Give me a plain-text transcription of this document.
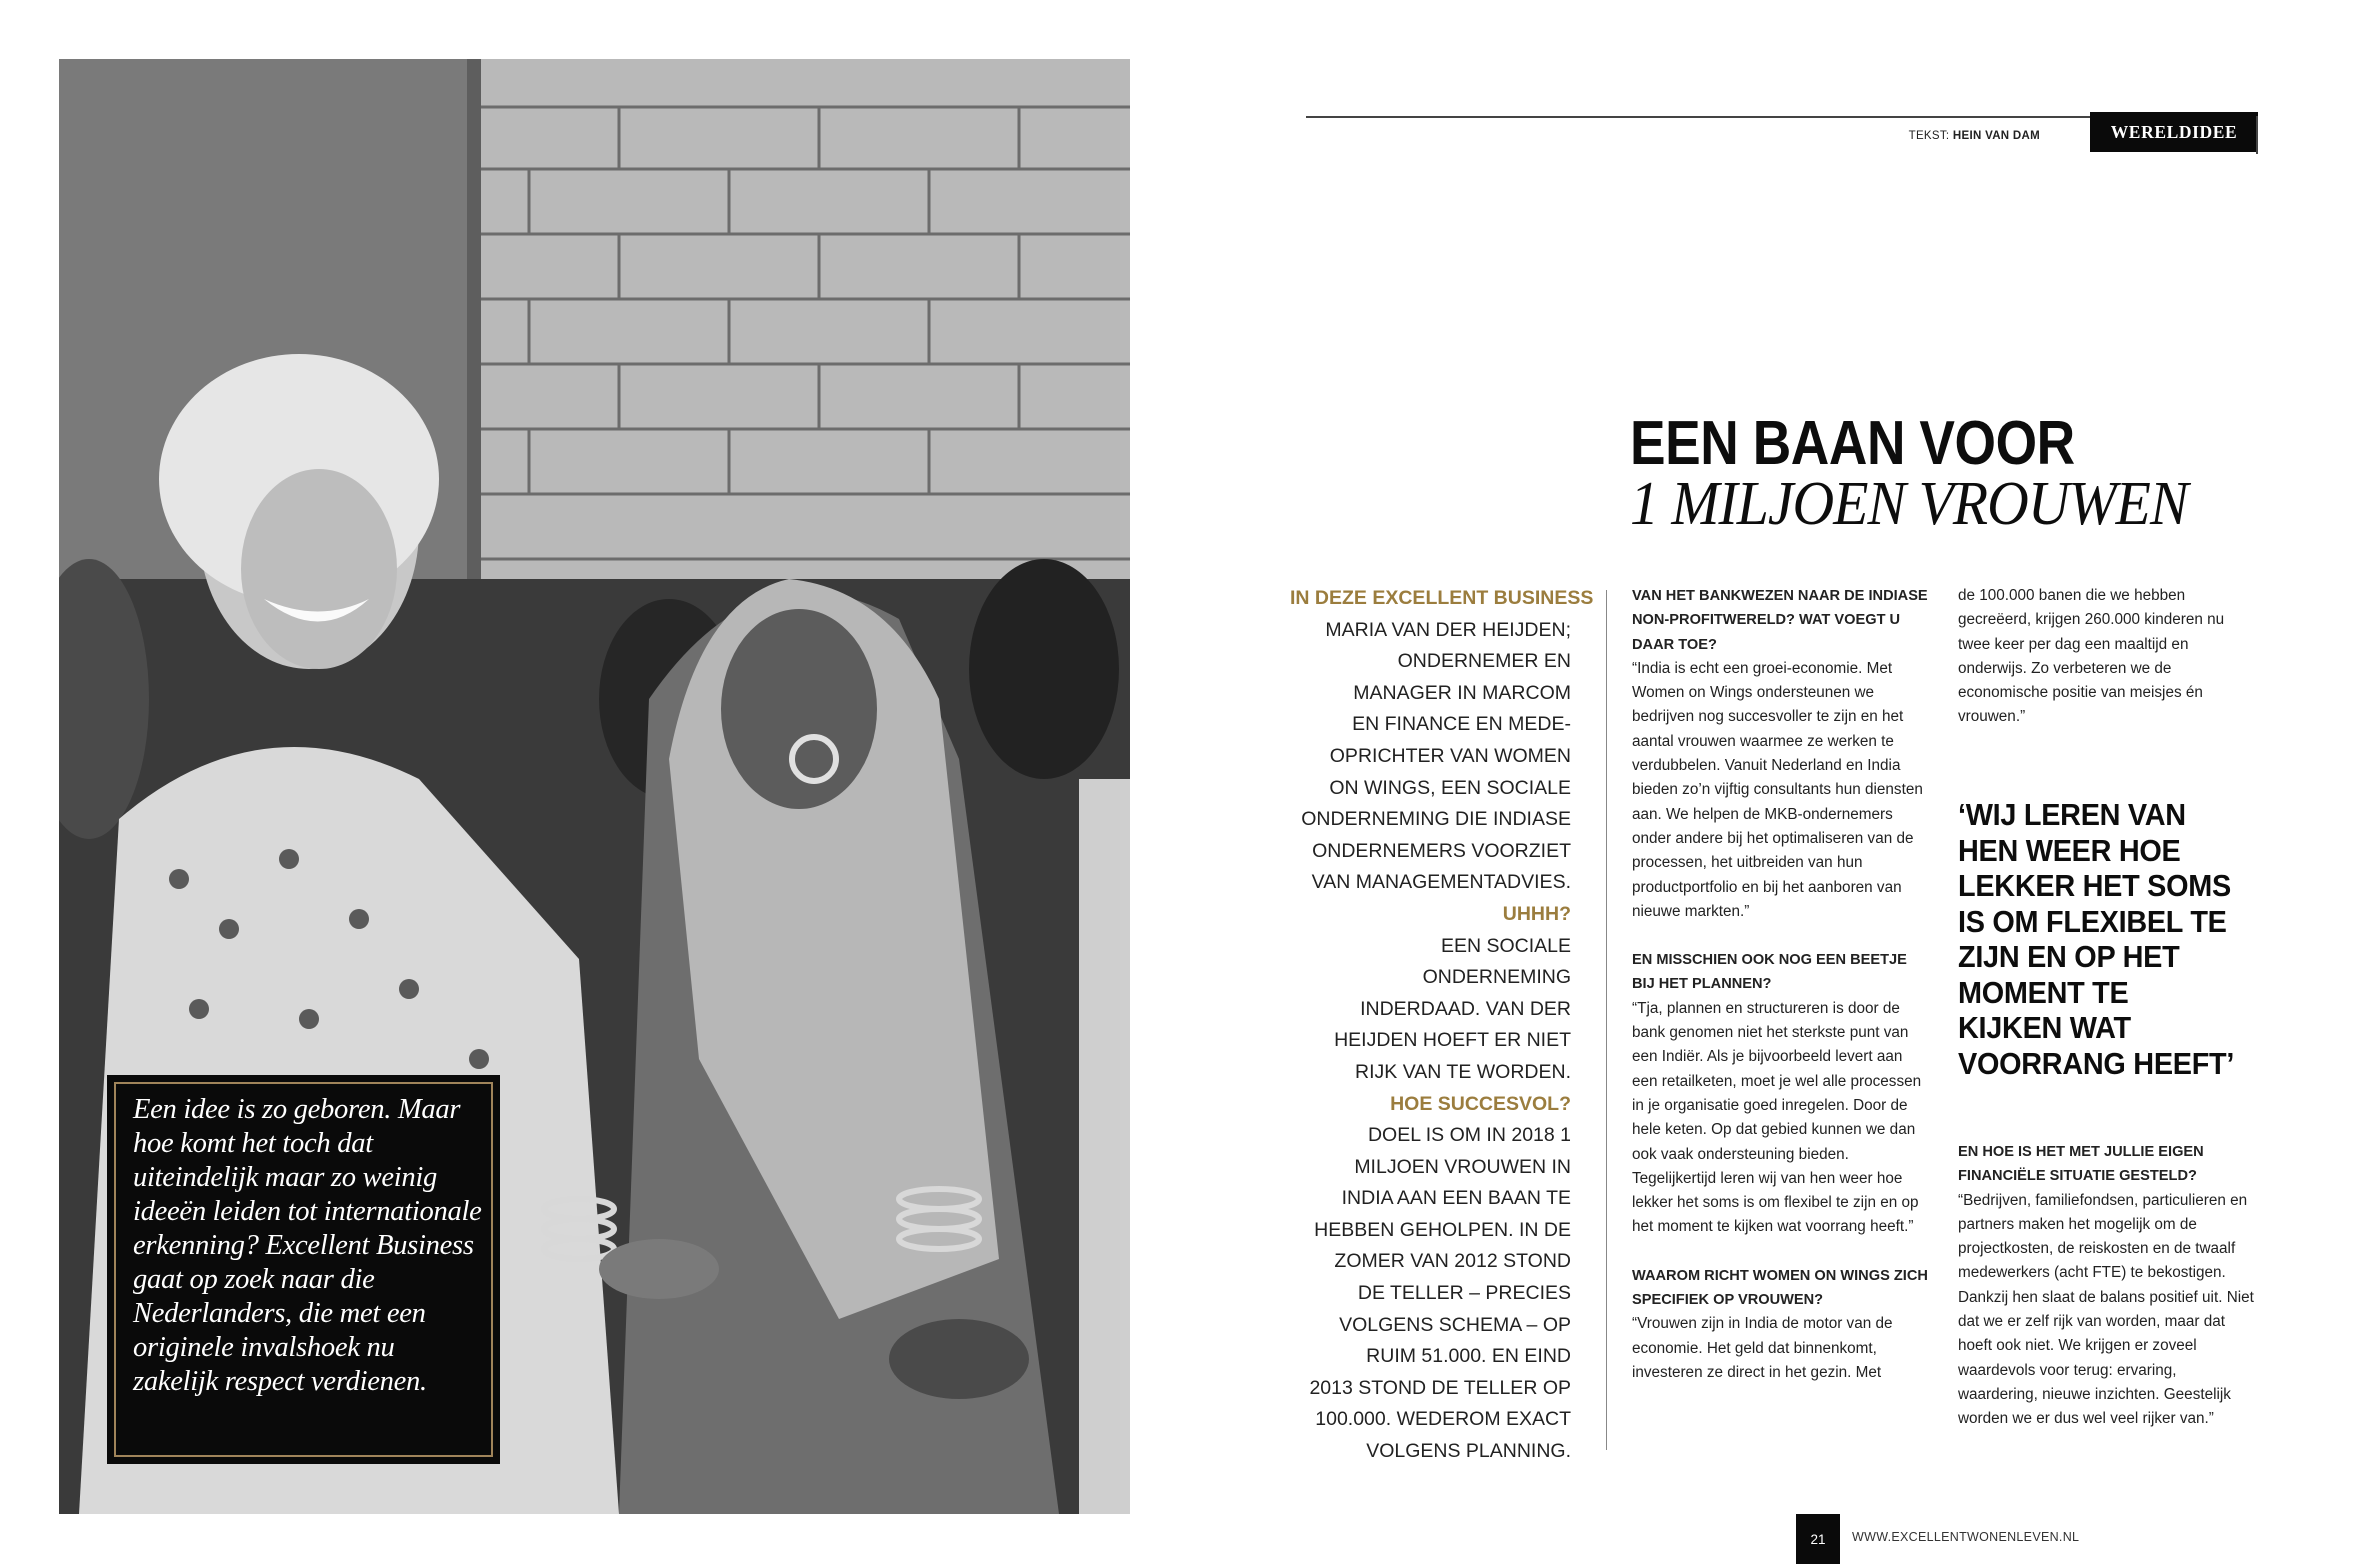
Een idee is zo geboren. Maar hoe komt het toch dat uiteindelijk maar zo weinig ideeën leiden tot internationale erkenning? Excellent Business gaat op zoek naar die Nederlanders, die met een originele invalshoek nu zakelijk respect verdienen.
TEKST: HEIN VAN DAM	WERELDIDEE
EEN BAAN VOOR
1 MILJOEN VROUWEN
IN DEZE EXCELLENT BUSINESS
MARIA VAN DER HEIJDEN;
ONDERNEMER EN
MANAGER IN MARCOM
EN FINANCE EN MEDE-
OPRICHTER VAN WOMEN
ON WINGS, EEN SOCIALE
ONDERNEMING DIE INDIASE
ONDERNEMERS VOORZIET
VAN MANAGEMENTADVIES.
UHHH?
EEN SOCIALE
ONDERNEMING
INDERDAAD. VAN DER
HEIJDEN HOEFT ER NIET
RIJK VAN TE WORDEN.
HOE SUCCESVOL?
DOEL IS OM IN 2018 1
MILJOEN VROUWEN IN
INDIA AAN EEN BAAN TE
HEBBEN GEHOLPEN. IN DE
ZOMER VAN 2012 STOND
DE TELLER – PRECIES
VOLGENS SCHEMA – OP
RUIM 51.000. EN EIND
2013 STOND DE TELLER OP
100.000. WEDEROM EXACT
VOLGENS PLANNING.
VAN HET BANKWEZEN NAAR DE INDIASE NON-PROFITWERELD? WAT VOEGT U DAAR TOE?
“India is echt een groei-economie. Met Women on Wings ondersteunen we bedrijven nog succesvoller te zijn en het aantal vrouwen waarmee ze werken te verdubbelen. Vanuit Nederland en India bieden zo’n vijftig consultants hun diensten aan. We helpen de MKB-ondernemers onder andere bij het optimaliseren van de processen, het uitbreiden van hun productportfolio en bij het aanboren van nieuwe markten.”
EN MISSCHIEN OOK NOG EEN BEETJE BIJ HET PLANNEN?
“Tja, plannen en structureren is door de bank genomen niet het sterkste punt van een Indiër. Als je bijvoorbeeld levert aan een retailketen, moet je wel alle processen in je organisatie goed inregelen. Door de hele keten. Op dat gebied kunnen we dan ook vaak ondersteuning bieden. Tegelijkertijd leren wij van hen weer hoe lekker het soms is om flexibel te zijn en op het moment te kijken wat voorrang heeft.”
WAAROM RICHT WOMEN ON WINGS ZICH SPECIFIEK OP VROUWEN?
“Vrouwen zijn in India de motor van de economie. Het geld dat binnenkomt, investeren ze direct in het gezin. Met
de 100.000 banen die we hebben gecreëerd, krijgen 260.000 kinderen nu twee keer per dag een maaltijd en onderwijs. Zo verbeteren we de economische positie van meisjes én vrouwen.”
‘WIJ LEREN VAN HEN WEER HOE LEKKER HET SOMS IS OM FLEXIBEL TE ZIJN EN OP HET MOMENT TE KIJKEN WAT VOORRANG HEEFT’
EN HOE IS HET MET JULLIE EIGEN FINANCIËLE SITUATIE GESTELD?
“Bedrijven, familiefondsen, particulieren en partners maken het mogelijk om de projectkosten, de reiskosten en de twaalf medewerkers (acht FTE) te bekostigen. Dankzij hen slaat de balans positief uit. Niet dat we er zelf rijk van worden, maar dat hoeft ook niet. We krijgen er zoveel waardevols voor terug: ervaring, waardering, nieuwe inzichten. Geestelijk worden we er dus wel veel rijker van.”
21	WWW.EXCELLENTWONENLEVEN.NL
